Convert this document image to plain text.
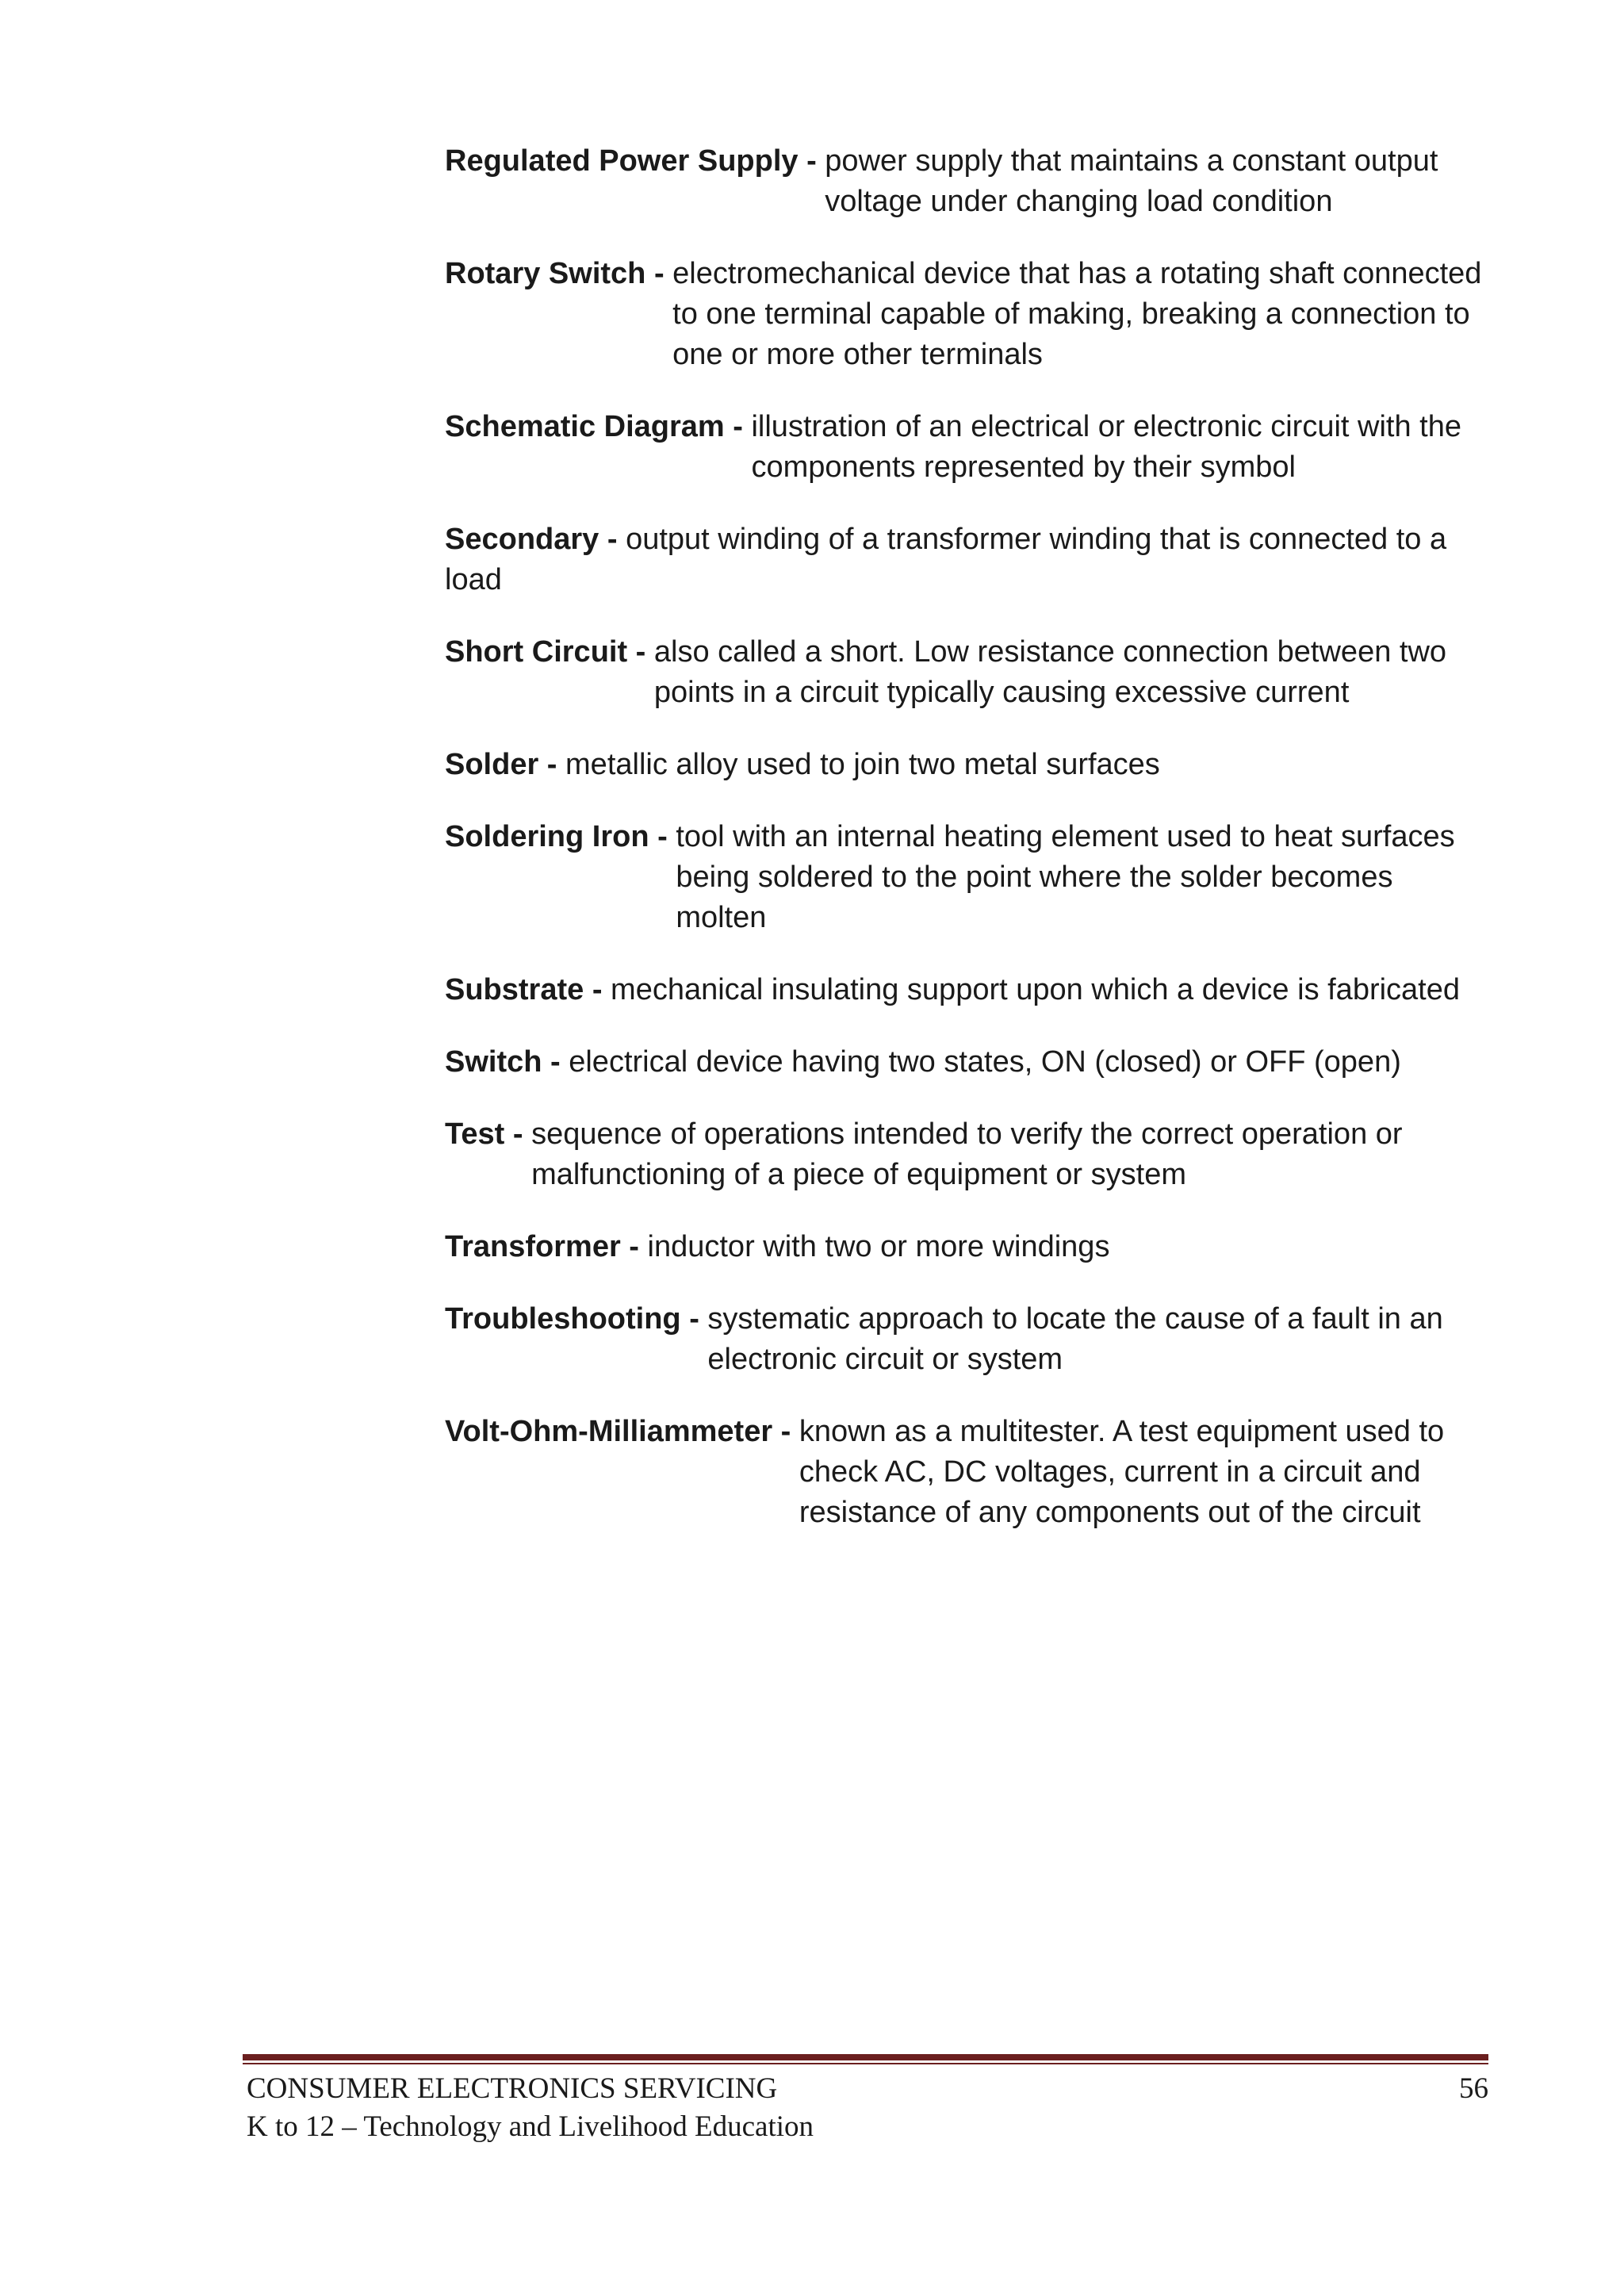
Regulated Power Supply - power supply that maintains a constant output
voltage under changing load condition
Rotary Switch - electromechanical device that has a rotating shaft connected
to one terminal capable of making, breaking a connection to
one or more other terminals
Schematic Diagram - illustration of an electrical or electronic circuit with the
components represented by their symbol
Secondary - output winding of a transformer winding that is connected to a
load
Short Circuit - also called a short. Low resistance connection between two
points in a circuit typically causing excessive current
Solder - metallic alloy used to join two metal surfaces
Soldering Iron - tool with an internal heating element used to heat surfaces
being soldered to the point where the solder becomes
molten
Substrate - mechanical insulating support upon which a device is fabricated
Switch - electrical device having two states, ON (closed) or OFF (open)
Test - sequence of operations intended to verify the correct operation or
malfunctioning of a piece of equipment or system
Transformer - inductor with two or more windings
Troubleshooting - systematic approach to locate the cause of a fault in an
electronic circuit or system
Volt-Ohm-Milliammeter - known as a multitester. A test equipment used to
check AC, DC voltages, current in a circuit and
resistance of any components out of the circuit
CONSUMER ELECTRONICS SERVICING	56
K to 12 – Technology and Livelihood Education
